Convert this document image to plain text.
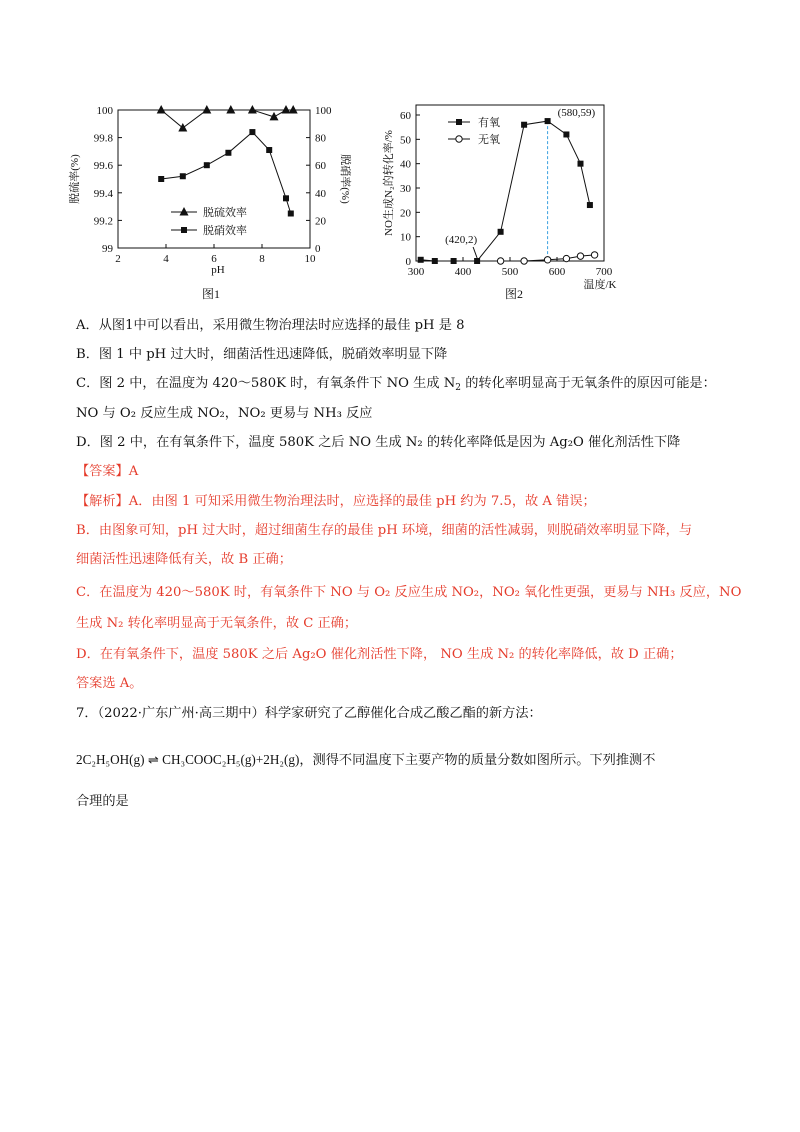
2	4	6	8	10
99
99.2
99.4
99.6
99.8
100
0
20
40
60
80
100
pH
脱硫率(%)	脱硝率(%)
脱硫效率
脱硝效率
图1
300	400	500	600	700
0
10
20
30
40
50
60
温度/K
NO生成N₂的转化率/%
(580,59)
(420,2)
有氧
无氧
图2
A．从图1中可以看出，采用微生物治理法时应选择的最佳 pH 是 8
B．图 1 中 pH 过大时，细菌活性迅速降低，脱硝效率明显下降
C．图 2 中，在温度为 420～580K 时，有氧条件下 NO 生成 $N_2$ 的转化率明显高于无氧条件的原因可能是：
NO 与 O₂ 反应生成 NO₂，NO₂ 更易与 NH₃ 反应
D．图 2 中，在有氧条件下，温度 580K 之后 NO 生成 N₂ 的转化率降低是因为 Ag₂O 催化剂活性下降
【答案】A
【解析】A．由图 1 可知采用微生物治理法时，应选择的最佳 pH 约为 7.5，故 A 错误；
B．由图象可知，pH 过大时，超过细菌生存的最佳 pH 环境，细菌的活性减弱，则脱硝效率明显下降，与
细菌活性迅速降低有关，故 B 正确；
C．在温度为 420～580K 时，有氧条件下 NO 与 O₂ 反应生成 NO₂，NO₂ 氧化性更强，更易与 NH₃ 反应，NO
生成 N₂ 转化率明显高于无氧条件，故 C 正确；
D．在有氧条件下，温度 580K 之后 Ag₂O 催化剂活性下降， NO 生成 N₂ 的转化率降低，故 D 正确；
答案选 A。
7．（2022·广东广州·高三期中）科学家研究了乙醇催化合成乙酸乙酯的新方法：
2C₂H₅OH(g) ⇌ CH₃COOC₂H₅(g)+2H₂(g)，测得不同温度下主要产物的质量分数如图所示。下列推测不
合理的是
